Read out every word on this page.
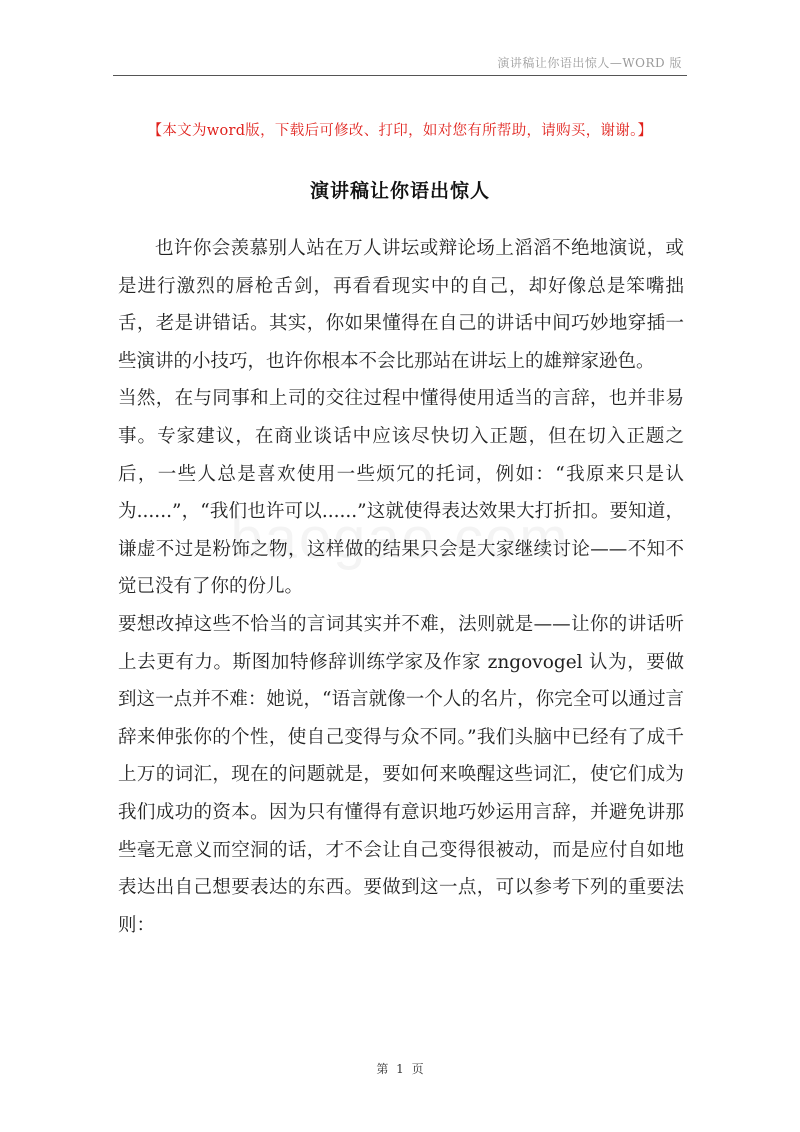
演讲稿让你语出惊人—WORD 版
【本文为word版，下载后可修改、打印，如对您有所帮助，请购买，谢谢。】
演讲稿让你语出惊人

也许你会羡慕别人站在万人讲坛或辩论场上滔滔不绝地演说，或是进行激烈的唇枪舌剑，再看看现实中的自己，却好像总是笨嘴拙舌，老是讲错话。其实，你如果懂得在自己的讲话中间巧妙地穿插一些演讲的小技巧，也许你根本不会比那站在讲坛上的雄辩家逊色。

当然，在与同事和上司的交往过程中懂得使用适当的言辞，也并非易事。专家建议，在商业谈话中应该尽快切入正题，但在切入正题之后，一些人总是喜欢使用一些烦冗的托词，例如：“我原来只是认为......”，“我们也许可以......”这就使得表达效果大打折扣。要知道，谦虚不过是粉饰之物，这样做的结果只会是大家继续讨论——不知不觉已没有了你的份儿。

要想改掉这些不恰当的言词其实并不难，法则就是——让你的讲话听上去更有力。斯图加特修辞训练学家及作家 zngovogel 认为，要做到这一点并不难：她说，“语言就像一个人的名片，你完全可以通过言辞来伸张你的个性，使自己变得与众不同。”我们头脑中已经有了成千上万的词汇，现在的问题就是，要如何来唤醒这些词汇，使它们成为我们成功的资本。因为只有懂得有意识地巧妙运用言辞，并避免讲那些毫无意义而空洞的话，才不会让自己变得很被动，而是应付自如地表达出自己想要表达的东西。要做到这一点，可以参考下列的重要法则：

第 1 页
